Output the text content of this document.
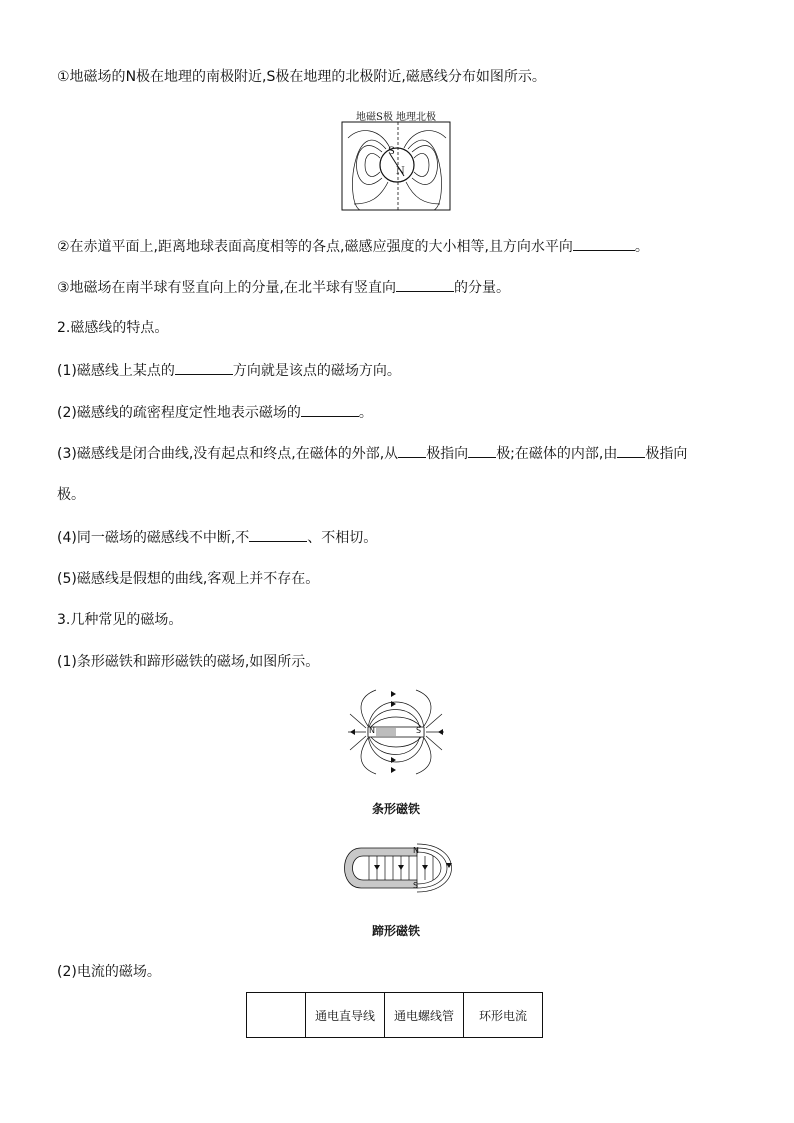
①地磁场的N极在地理的南极附近,S极在地理的北极附近,磁感线分布如图所示。
地磁S极 地理北极
S
N
②在赤道平面上,距离地球表面高度相等的各点,磁感应强度的大小相等,且方向水平向	。
③地磁场在南半球有竖直向上的分量,在北半球有竖直向	的分量。
2.磁感线的特点。
(1)磁感线上某点的	方向就是该点的磁场方向。
(2)磁感线的疏密程度定性地表示磁场的	。
(3)磁感线是闭合曲线,没有起点和终点,在磁体的外部,从 极指向 极;在磁体的内部,由 极指向
极。
(4)同一磁场的磁感线不中断,不	、不相切。
(5)磁感线是假想的曲线,客观上并不存在。
3.几种常见的磁场。
(1)条形磁铁和蹄形磁铁的磁场,如图所示。
N	S
条形磁铁
N
S
蹄形磁铁
(2)电流的磁场。
	通电直导线	通电螺线管	环形电流
